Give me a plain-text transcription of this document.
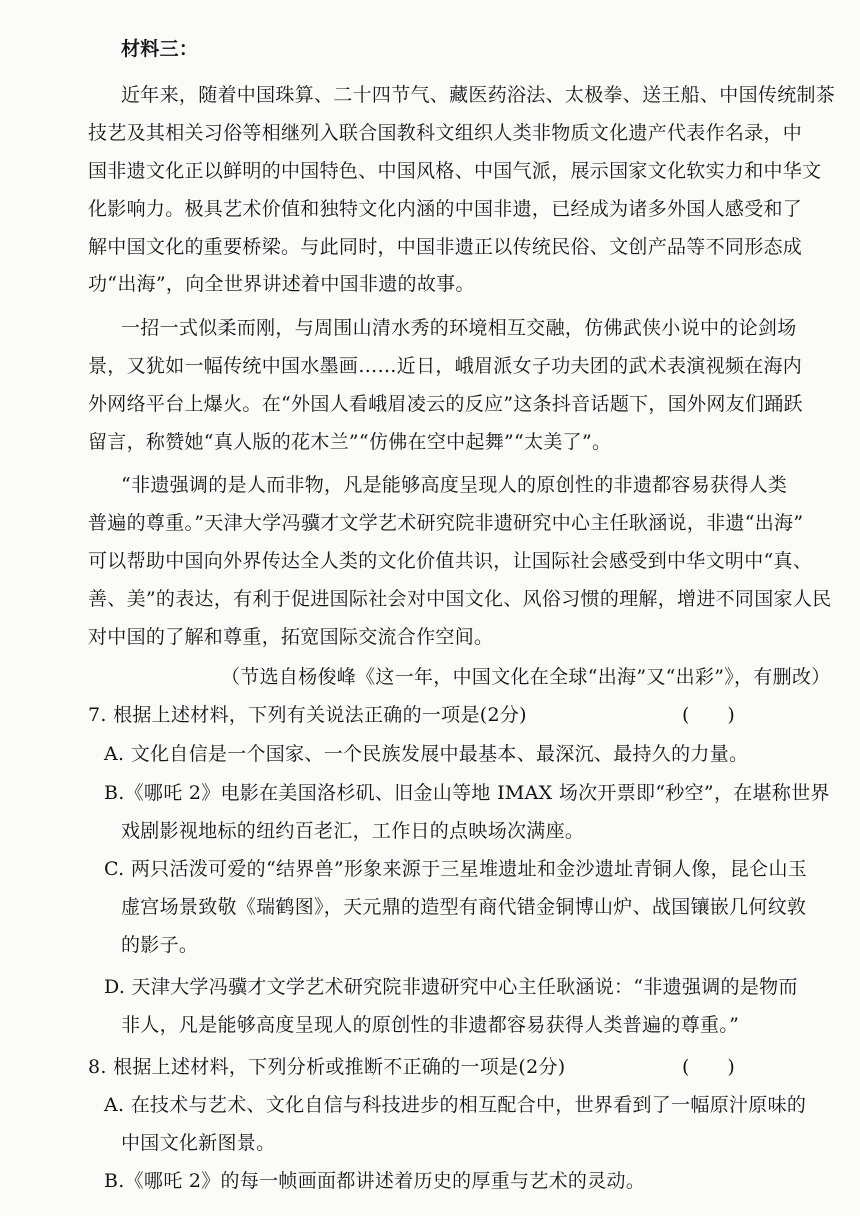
材料三：
近年来，随着中国珠算、二十四节气、藏医药浴法、太极拳、送王船、中国传统制茶
技艺及其相关习俗等相继列入联合国教科文组织人类非物质文化遗产代表作名录，中
国非遗文化正以鲜明的中国特色、中国风格、中国气派，展示国家文化软实力和中华文
化影响力。极具艺术价值和独特文化内涵的中国非遗，已经成为诸多外国人感受和了
解中国文化的重要桥梁。与此同时，中国非遗正以传统民俗、文创产品等不同形态成
功“出海”，向全世界讲述着中国非遗的故事。
一招一式似柔而刚，与周围山清水秀的环境相互交融，仿佛武侠小说中的论剑场
景，又犹如一幅传统中国水墨画……近日，峨眉派女子功夫团的武术表演视频在海内
外网络平台上爆火。在“外国人看峨眉凌云的反应”这条抖音话题下，国外网友们踊跃
留言，称赞她“真人版的花木兰”“仿佛在空中起舞”“太美了”。
“非遗强调的是人而非物，凡是能够高度呈现人的原创性的非遗都容易获得人类
普遍的尊重。”天津大学冯骥才文学艺术研究院非遗研究中心主任耿涵说，非遗“出海”
可以帮助中国向外界传达全人类的文化价值共识，让国际社会感受到中华文明中“真、
善、美”的表达，有利于促进国际社会对中国文化、风俗习惯的理解，增进不同国家人民
对中国的了解和尊重，拓宽国际交流合作空间。
（节选自杨俊峰《这一年，中国文化在全球“出海”又“出彩”》，有删改）
7. 根据上述材料，下列有关说法正确的一项是(2分)	(　　)
A. 文化自信是一个国家、一个民族发展中最基本、最深沉、最持久的力量。
B.《哪吒 2》电影在美国洛杉矶、旧金山等地 IMAX 场次开票即“秒空”，在堪称世界
戏剧影视地标的纽约百老汇，工作日的点映场次满座。
C. 两只活泼可爱的“结界兽”形象来源于三星堆遗址和金沙遗址青铜人像，昆仑山玉
虚宫场景致敬《瑞鹤图》，天元鼎的造型有商代错金铜博山炉、战国镶嵌几何纹敦
的影子。
D. 天津大学冯骥才文学艺术研究院非遗研究中心主任耿涵说：“非遗强调的是物而
非人，凡是能够高度呈现人的原创性的非遗都容易获得人类普遍的尊重。”
8. 根据上述材料，下列分析或推断不正确的一项是(2分)	(　　)
A. 在技术与艺术、文化自信与科技进步的相互配合中，世界看到了一幅原汁原味的
中国文化新图景。
B.《哪吒 2》的每一帧画面都讲述着历史的厚重与艺术的灵动。
